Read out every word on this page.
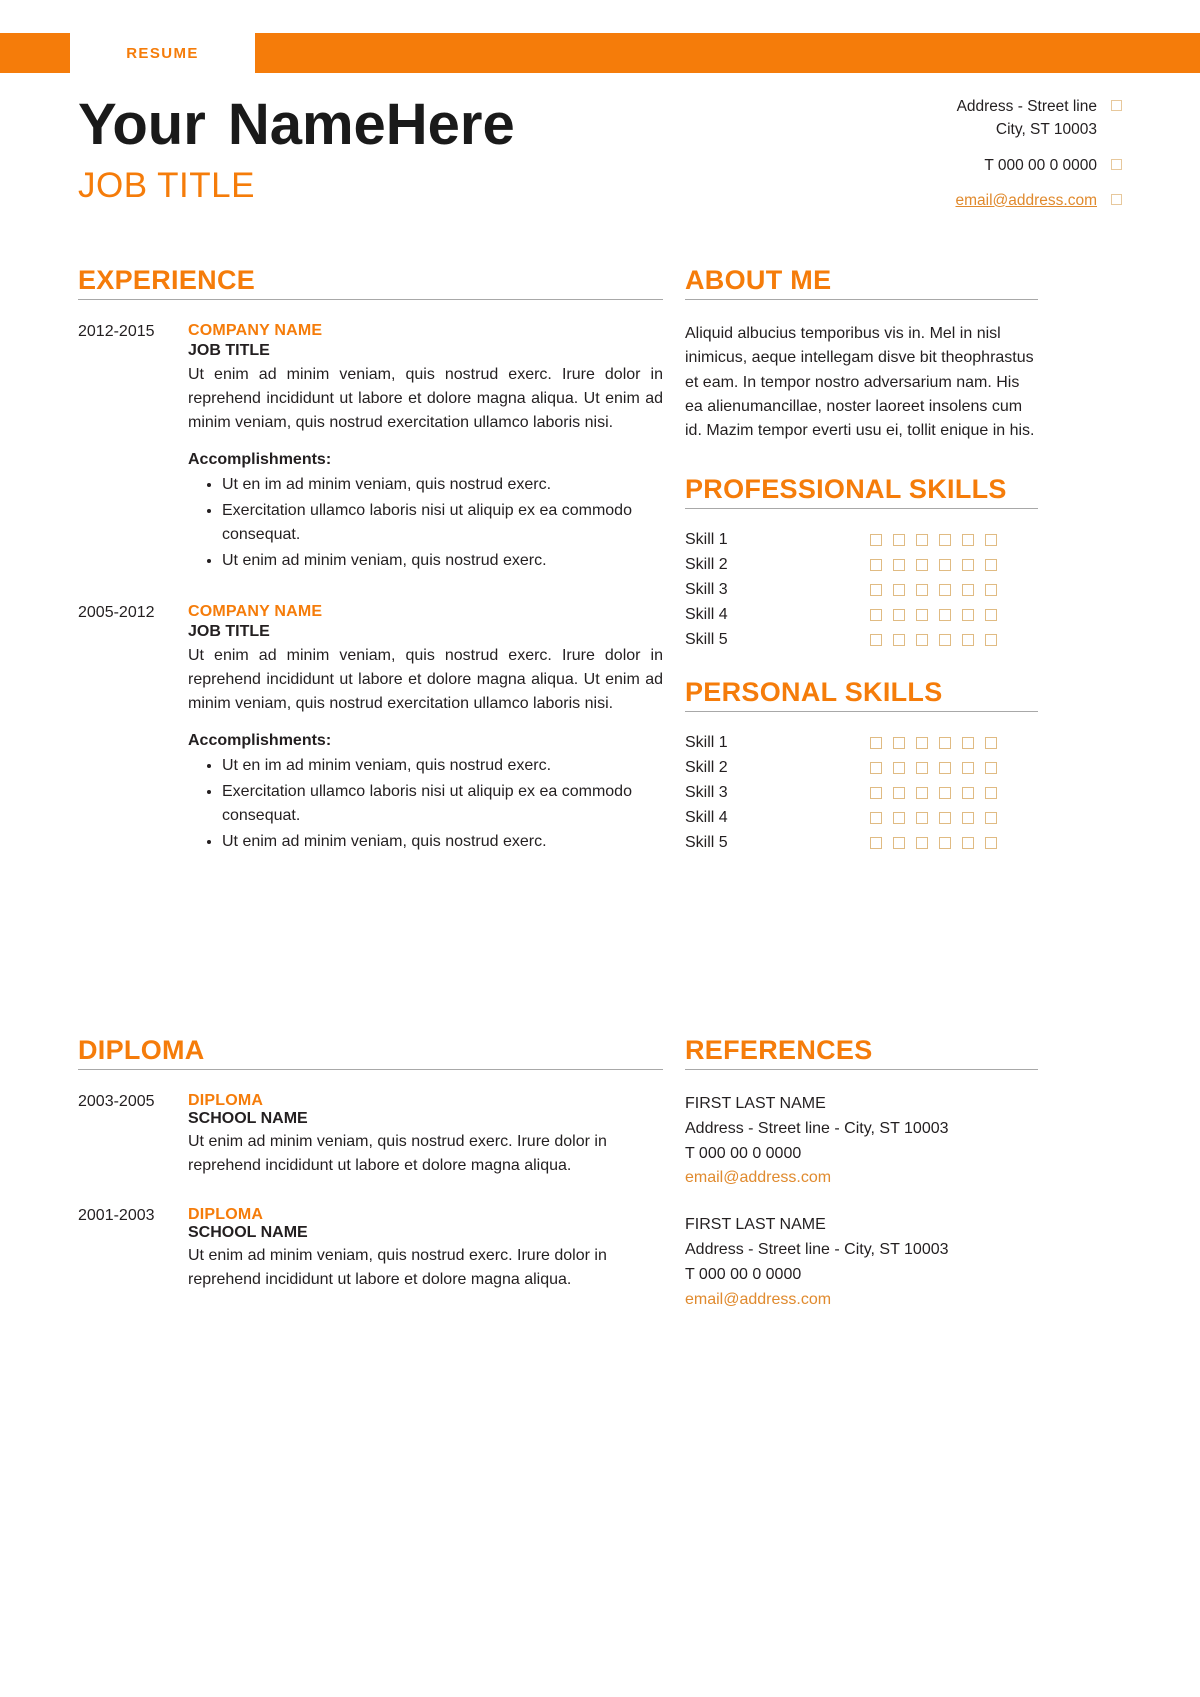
RESUME
Your NameHere
JOB TITLE
Address - Street line
City, ST 10003
T 000 00 0 0000
email@address.com
EXPERIENCE
2012-2015	COMPANY NAME
JOB TITLE
Ut enim ad minim veniam, quis nostrud exerc. Irure dolor in reprehend incididunt ut labore et dolore magna aliqua. Ut enim ad minim veniam, quis nostrud exercitation ullamco laboris nisi.
Accomplishments:
• Ut en im ad minim veniam, quis nostrud exerc.
• Exercitation ullamco laboris nisi ut aliquip ex ea commodo consequat.
• Ut enim ad minim veniam, quis nostrud exerc.
2005-2012	COMPANY NAME
JOB TITLE
Ut enim ad minim veniam, quis nostrud exerc. Irure dolor in reprehend incididunt ut labore et dolore magna aliqua. Ut enim ad minim veniam, quis nostrud exercitation ullamco laboris nisi.
Accomplishments:
• Ut en im ad minim veniam, quis nostrud exerc.
• Exercitation ullamco laboris nisi ut aliquip ex ea commodo consequat.
• Ut enim ad minim veniam, quis nostrud exerc.
ABOUT ME
Aliquid albucius temporibus vis in. Mel in nisl inimicus, aeque intellegam disve bit theophrastus et eam. In tempor nostro adversarium nam. His ea alienumancillae, noster laoreet insolens cum id. Mazim tempor everti usu ei, tollit enique in his.
PROFESSIONAL SKILLS
Skill 1
Skill 2
Skill 3
Skill 4
Skill 5
PERSONAL SKILLS
Skill 1
Skill 2
Skill 3
Skill 4
Skill 5
DIPLOMA
2003-2005	DIPLOMA
SCHOOL NAME
Ut enim ad minim veniam, quis nostrud exerc. Irure dolor in reprehend incididunt ut labore et dolore magna aliqua.
2001-2003	DIPLOMA
SCHOOL NAME
Ut enim ad minim veniam, quis nostrud exerc. Irure dolor in reprehend incididunt ut labore et dolore magna aliqua.
REFERENCES
FIRST LAST NAME
Address - Street line - City, ST 10003
T 000 00 0 0000
email@address.com
FIRST LAST NAME
Address - Street line - City, ST 10003
T 000 00 0 0000
email@address.com
